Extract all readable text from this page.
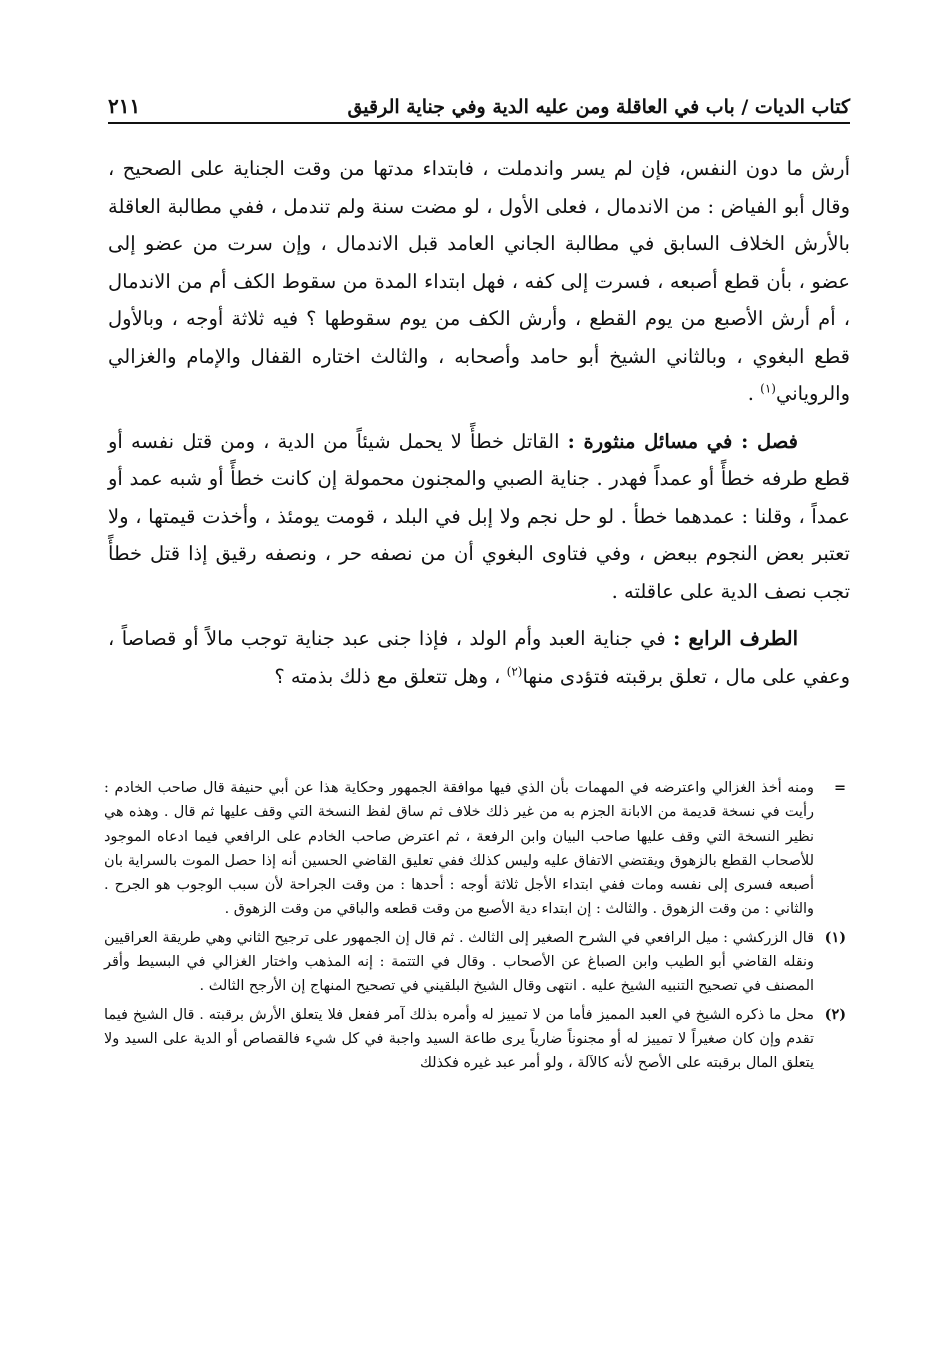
كتاب الديات / باب في العاقلة ومن عليه الدية وفي جناية الرقيق
٢١١

أرش ما دون النفس، فإن لم يسر واندملت ، فابتداء مدتها من وقت الجناية على الصحيح ، وقال أبو الفياض : من الاندمال ، فعلى الأول ، لو مضت سنة ولم تندمل ، ففي مطالبة العاقلة بالأرش الخلاف السابق في مطالبة الجاني العامد قبل الاندمال ، وإن سرت من عضو إلى عضو ، بأن قطع أصبعه ، فسرت إلى كفه ، فهل ابتداء المدة من سقوط الكف أم من الاندمال ، أم أرش الأصبع من يوم القطع ، وأرش الكف من يوم سقوطها ؟ فيه ثلاثة أوجه ، وبالأول قطع البغوي ، وبالثاني الشيخ أبو حامد وأصحابه ، والثالث اختاره القفال والإمام والغزالي والروياني$^{(١)}$ .

فصل : في مسائل منثورة : القاتل خطأً لا يحمل شيئاً من الدية ، ومن قتل نفسه أو قطع طرفه خطأً أو عمداً فهدر . جناية الصبي والمجنون محمولة إن كانت خطأً أو شبه عمد أو عمداً ، وقلنا : عمدهما خطأ . لو حل نجم ولا إبل في البلد ، قومت يومئذ ، وأخذت قيمتها ، ولا تعتبر بعض النجوم ببعض ، وفي فتاوى البغوي أن من نصفه حر ، ونصفه رقيق إذا قتل خطأً تجب نصف الدية على عاقلته .

الطرف الرابع : في جناية العبد وأم الولد ، فإذا جنى عبد جناية توجب مالاً أو قصاصاً ، وعفي على مال ، تعلق برقبته فتؤدى منها$^{(٢)}$ ، وهل تتعلق مع ذلك بذمته ؟

=
ومنه أخذ الغزالي واعترضه في المهمات بأن الذي فيها موافقة الجمهور وحكاية هذا عن أبي حنيفة قال صاحب الخادم : رأيت في نسخة قديمة من الابانة الجزم به من غير ذلك خلاف ثم ساق لفظ النسخة التي وقف عليها ثم قال . وهذه هي نظير النسخة التي وقف عليها صاحب البيان وابن الرفعة ، ثم اعترض صاحب الخادم على الرافعي فيما ادعاه الموجود للأصحاب القطع بالزهوق ويقتضي الاتفاق عليه وليس كذلك ففي تعليق القاضي الحسين أنه إذا حصل الموت بالسراية بان أصبعه فسرى إلى نفسه ومات ففي ابتداء الأجل ثلاثة أوجه : أحدها : من وقت الجراحة لأن سبب الوجوب هو الجرح . والثاني : من وقت الزهوق . والثالث : إن ابتداء دية الأصبع من وقت قطعه والباقي من وقت الزهوق .

(١)
قال الزركشي : ميل الرافعي في الشرح الصغير إلى الثالث . ثم قال إن الجمهور على ترجيح الثاني وهي طريقة العراقيين ونقله القاضي أبو الطيب وابن الصباغ عن الأصحاب . وقال في التتمة : إنه المذهب واختار الغزالي في البسيط وأقر المصنف في تصحيح التنبيه الشيخ عليه . انتهى وقال الشيخ البلقيني في تصحيح المنهاج إن الأرجح الثالث .

(٢)
محل ما ذكره الشيخ في العبد المميز فأما من لا تمييز له وأمره بذلك آمر ففعل فلا يتعلق الأرش برقبته . قال الشيخ فيما تقدم وإن كان صغيراً لا تمييز له أو مجنوناً ضارياً يرى طاعة السيد واجبة في كل شيء فالقصاص أو الدية على السيد ولا يتعلق المال برقبته على الأصح لأنه كالآلة ، ولو أمر عبد غيره فكذلك
